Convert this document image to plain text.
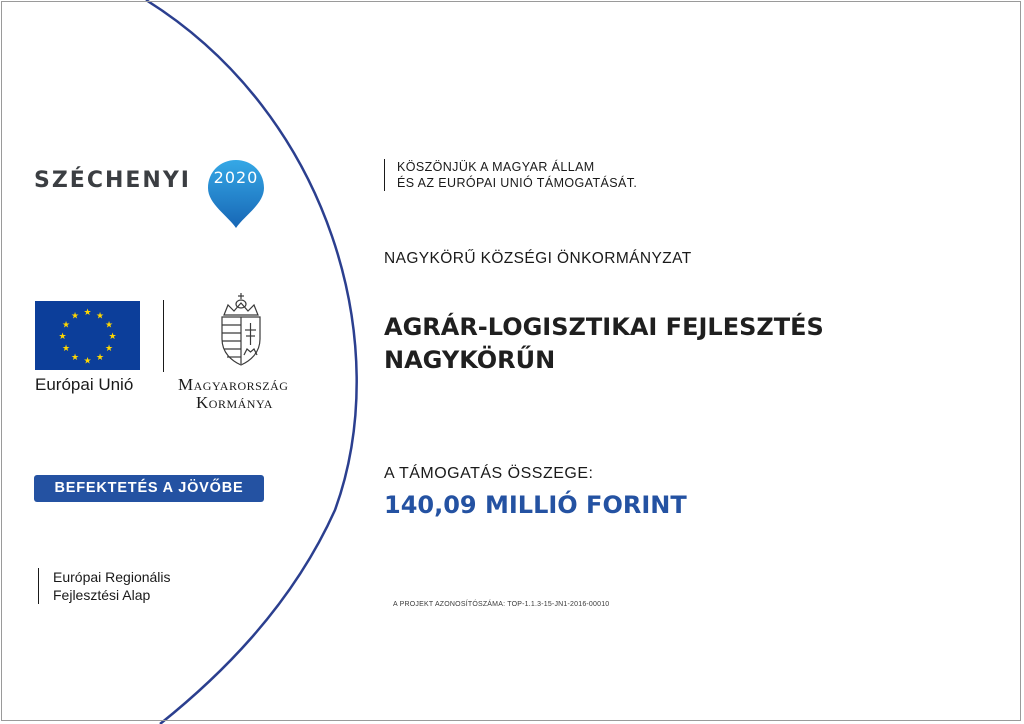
SZÉCHENYI	2020
★ ★
★
★
★
★
★
★
★
★
★
★
Európai Unió	Magyarország
Kormánya
BEFEKTETÉS A JÖVŐBE
Európai Regionális
Fejlesztési Alap
KÖSZÖNJÜK A MAGYAR ÁLLAM
ÉS AZ EURÓPAI UNIÓ TÁMOGATÁSÁT.
NAGYKÖRŰ KÖZSÉGI ÖNKORMÁNYZAT
AGRÁR-LOGISZTIKAI FEJLESZTÉS
NAGYKÖRŰN
A TÁMOGATÁS ÖSSZEGE:
140,09 MILLIÓ FORINT
A PROJEKT AZONOSÍTÓSZÁMA: TOP-1.1.3-15-JN1-2016-00010
